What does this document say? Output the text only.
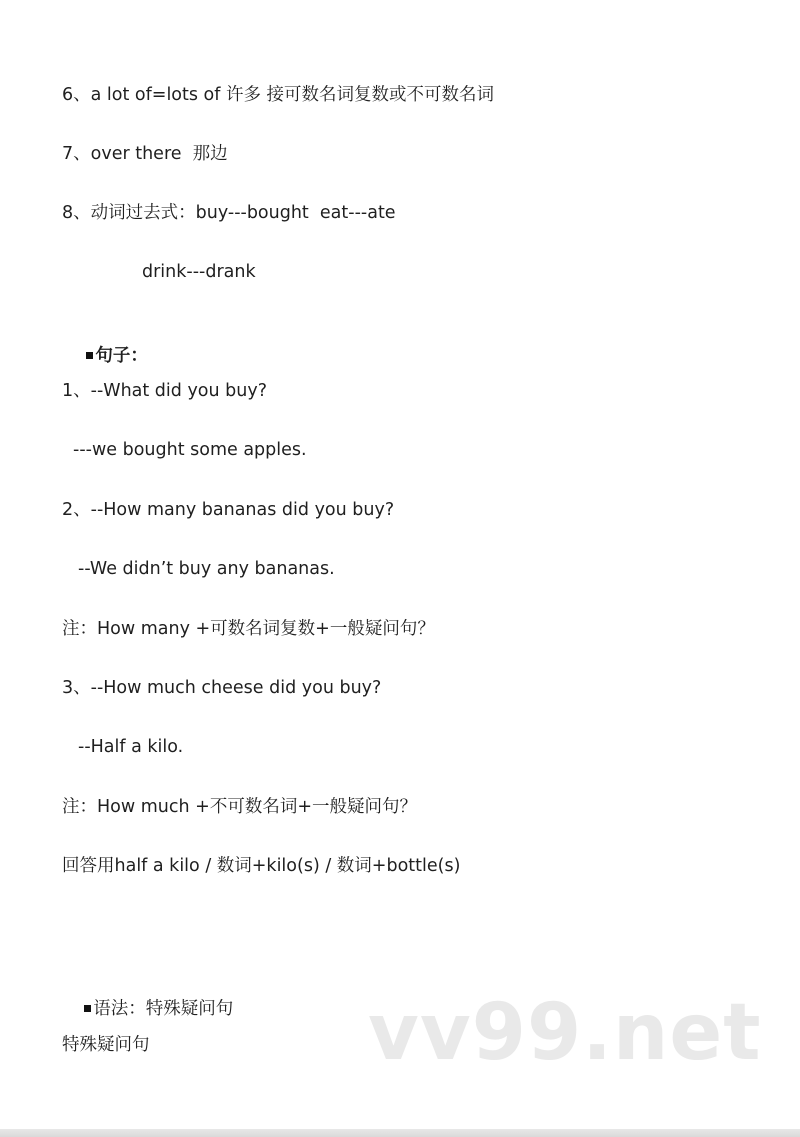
6、a lot of=lots of 许多 接可数名词复数或不可数名词
7、over there  那边
8、动词过去式：buy---bought  eat---ate
drink---drank

句子：

1、--What did you buy?
---we bought some apples.
2、--How many bananas did you buy?
--We didn’t buy any bananas.
注：How many +可数名词复数+一般疑问句？
3、--How much cheese did you buy?
--Half a kilo.
注：How much +不可数名词+一般疑问句？
回答用half a kilo / 数词+kilo(s) / 数词+bottle(s)

语法：特殊疑问句

特殊疑问句	vv99.net
